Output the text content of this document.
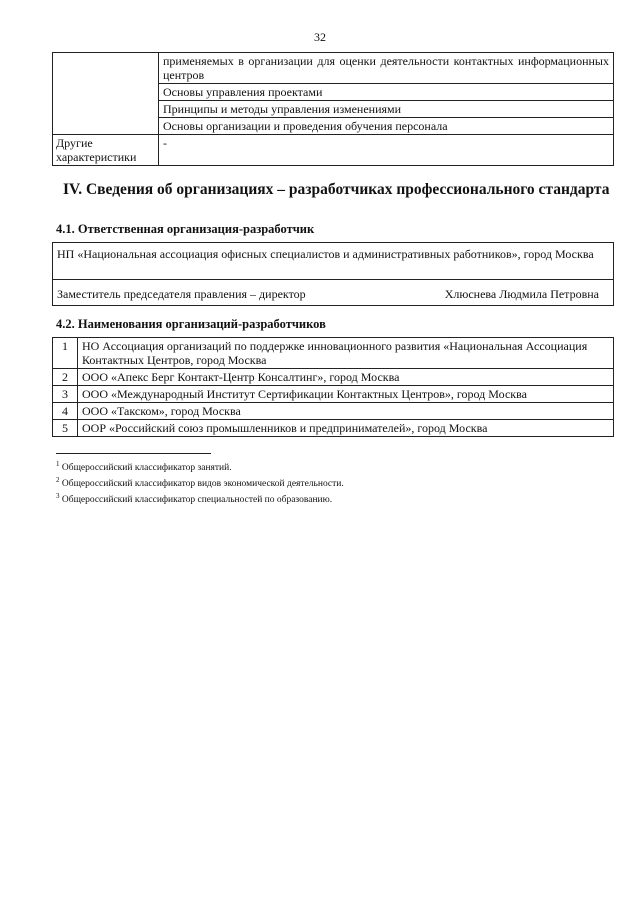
32
	применяемых в организации для оценки деятельности контактных информационных центров
	Основы управления проектами
	Принципы и методы управления изменениями
	Основы организации и проведения обучения персонала
Другие характеристики	-
IV. Сведения об организациях – разработчиках профессионального стандарта
4.1. Ответственная организация-разработчик
НП «Национальная ассоциация офисных специалистов и административных работников», город Москва
Заместитель председателя правления – директор	Хлюснева Людмила Петровна
4.2. Наименования организаций-разработчиков
1	НО Ассоциация организаций по поддержке инновационного развития «Национальная Ассоциация Контактных Центров, город Москва
2	ООО «Апекс Берг Контакт-Центр Консалтинг», город Москва
3	ООО «Международный Институт Сертификации Контактных Центров», город Москва
4	ООО «Такском», город Москва
5	ООР «Российский союз промышленников и предпринимателей», город Москва
$^1$ Общероссийский классификатор занятий.
$^2$ Общероссийский классификатор видов экономической деятельности.
$^3$ Общероссийский классификатор специальностей по образованию.
